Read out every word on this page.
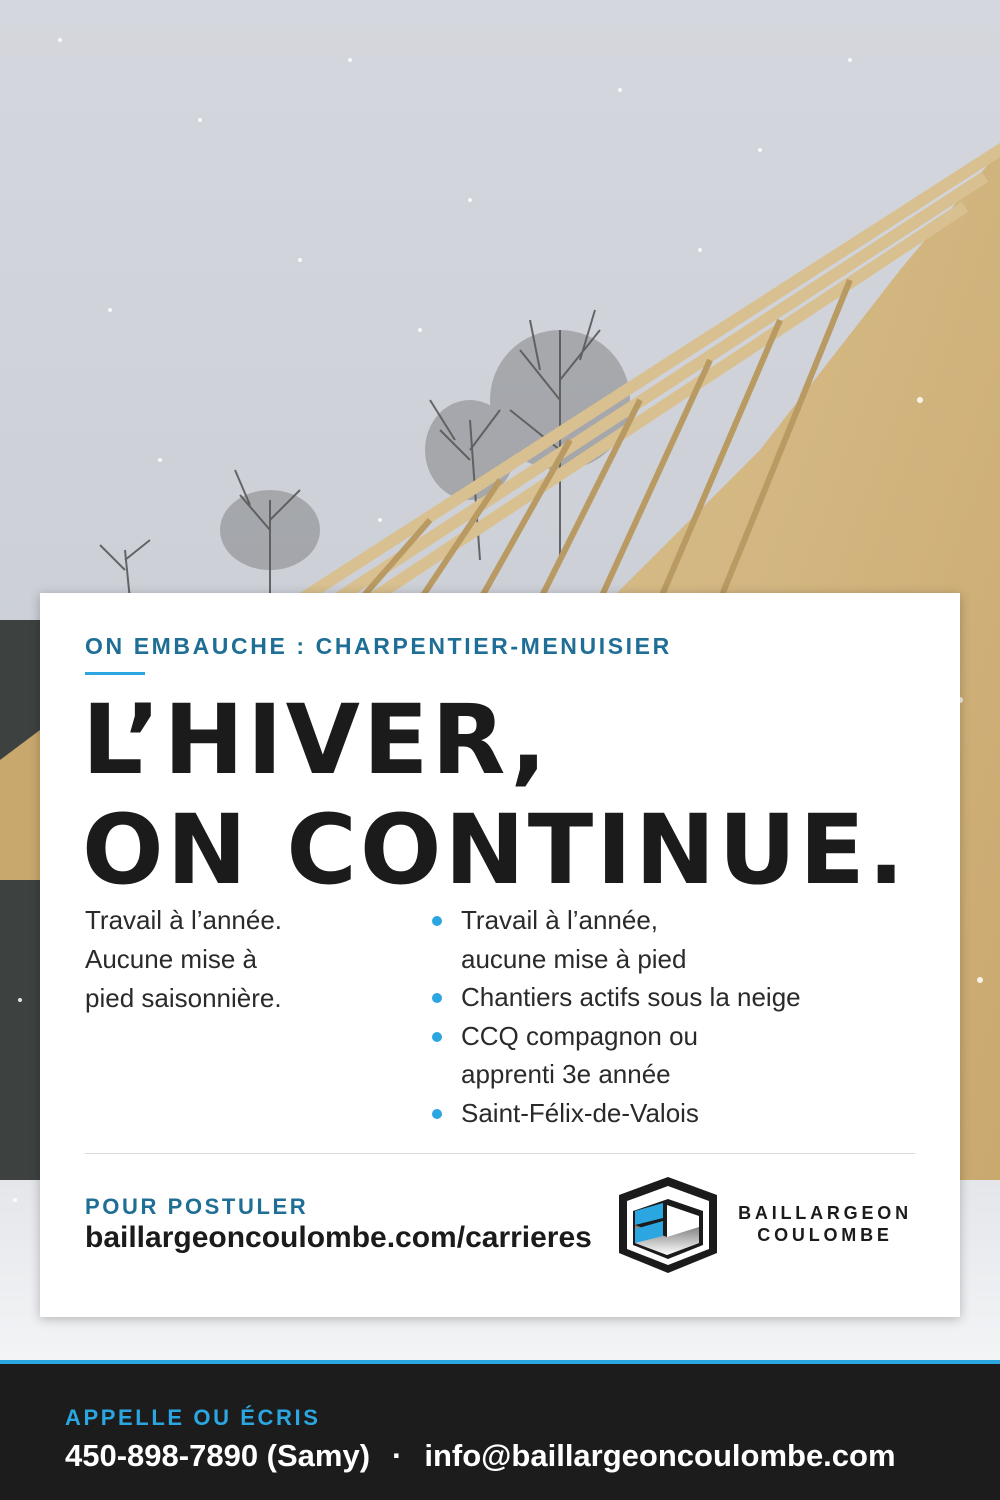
ON EMBAUCHE : CHARPENTIER-MENUISIER
L’HIVER,
ON CONTINUE.
Travail à l’année.
Aucune mise à
pied saisonnière.
Travail à l’année,
aucune mise à pied
Chantiers actifs sous la neige
CCQ compagnon ou
apprenti 3e année
Saint-Félix-de-Valois
POUR POSTULER
baillargeoncoulombe.com/carrieres
BAILLARGEON
COULOMBE
APPELLE OU ÉCRIS
450-898-7890 (Samy) · info@baillargeoncoulombe.com
